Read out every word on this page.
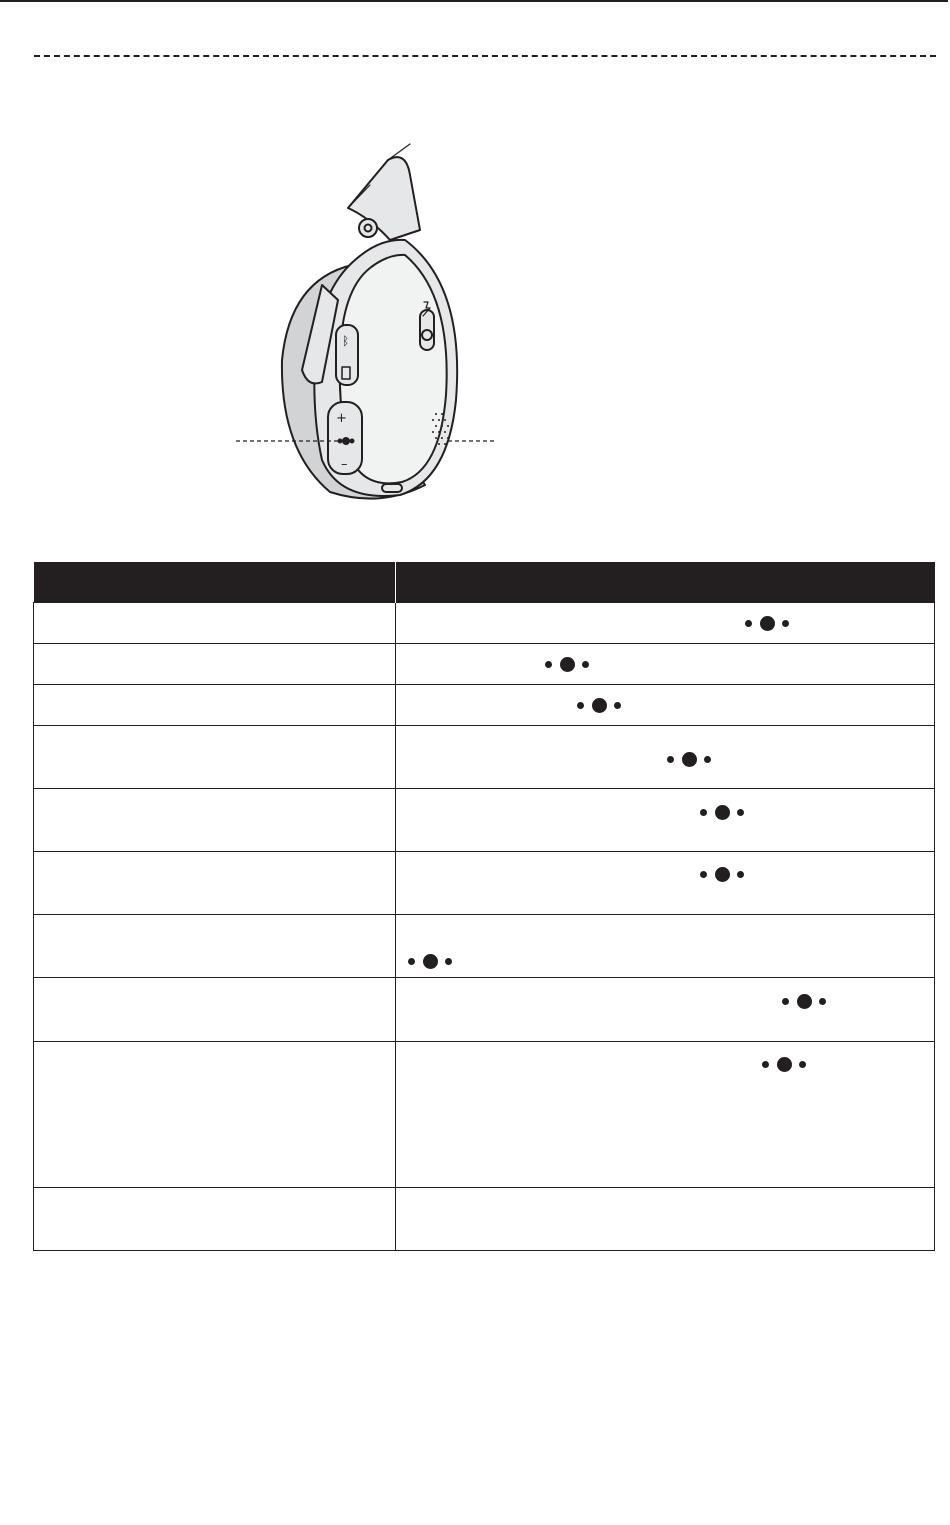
ᛒ
+
–
